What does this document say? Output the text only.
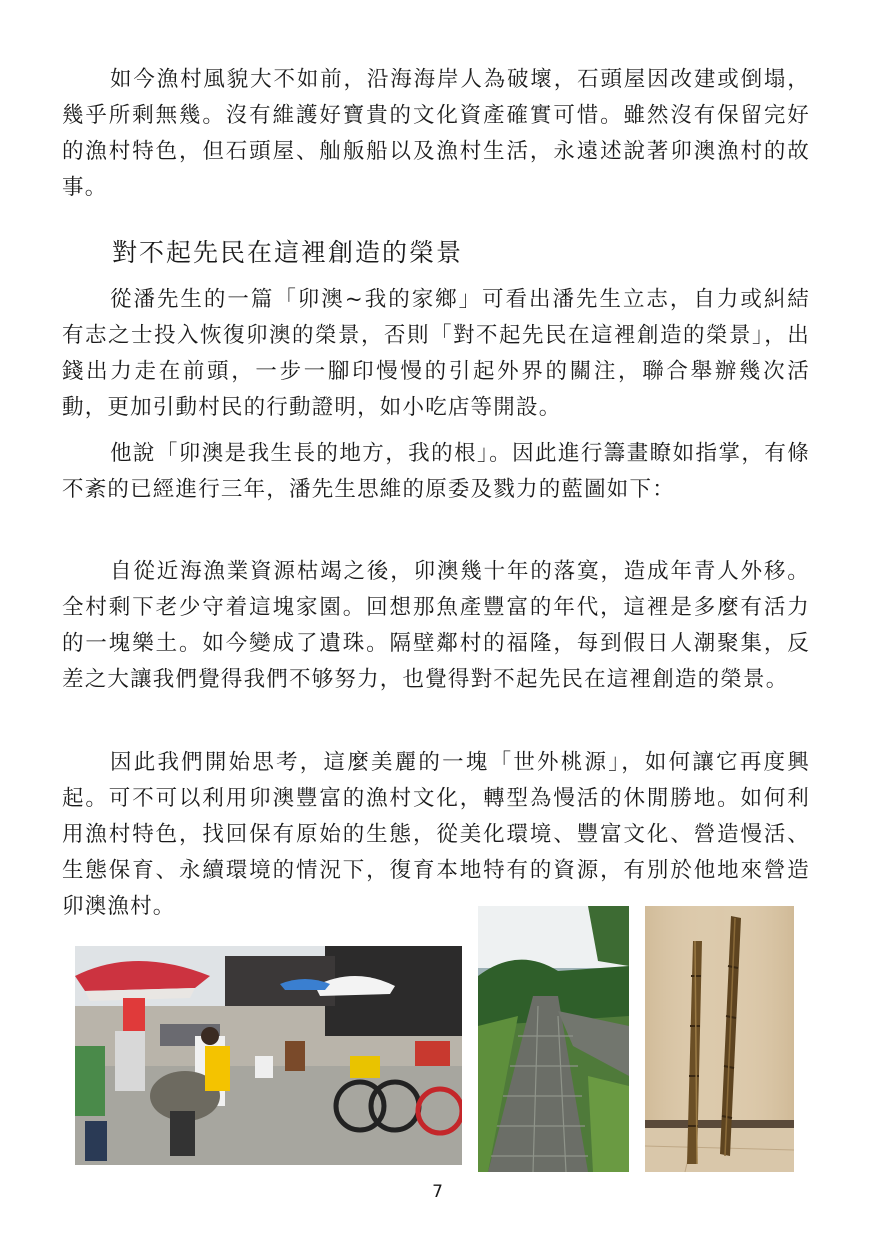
如今漁村風貌大不如前，沿海海岸人為破壞，石頭屋因改建或倒塌，幾乎所剩無幾。沒有維護好寶貴的文化資產確實可惜。雖然沒有保留完好的漁村特色，但石頭屋、舢舨船以及漁村生活，永遠述說著卯澳漁村的故事。

對不起先民在這裡創造的榮景

從潘先生的一篇「卯澳~我的家鄉」可看出潘先生立志，自力或糾結有志之士投入恢復卯澳的榮景，否則「對不起先民在這裡創造的榮景」，出錢出力走在前頭，一步一腳印慢慢的引起外界的關注，聯合舉辦幾次活動，更加引動村民的行動證明，如小吃店等開設。

他說「卯澳是我生長的地方，我的根」。因此進行籌畫瞭如指掌，有條不紊的已經進行三年，潘先生思維的原委及戮力的藍圖如下：

自從近海漁業資源枯竭之後，卯澳幾十年的落寞，造成年青人外移。全村剩下老少守着這塊家園。回想那魚產豐富的年代，這裡是多麼有活力的一塊樂土。如今變成了遺珠。隔壁鄰村的福隆，每到假日人潮聚集，反差之大讓我們覺得我們不够努力，也覺得對不起先民在這裡創造的榮景。

因此我們開始思考，這麼美麗的一塊「世外桃源」，如何讓它再度興起。可不可以利用卯澳豐富的漁村文化，轉型為慢活的休閒勝地。如何利用漁村特色，找回保有原始的生態，從美化環境、豐富文化、營造慢活、生態保育、永續環境的情況下，復育本地特有的資源，有別於他地來營造卯澳漁村。

7
